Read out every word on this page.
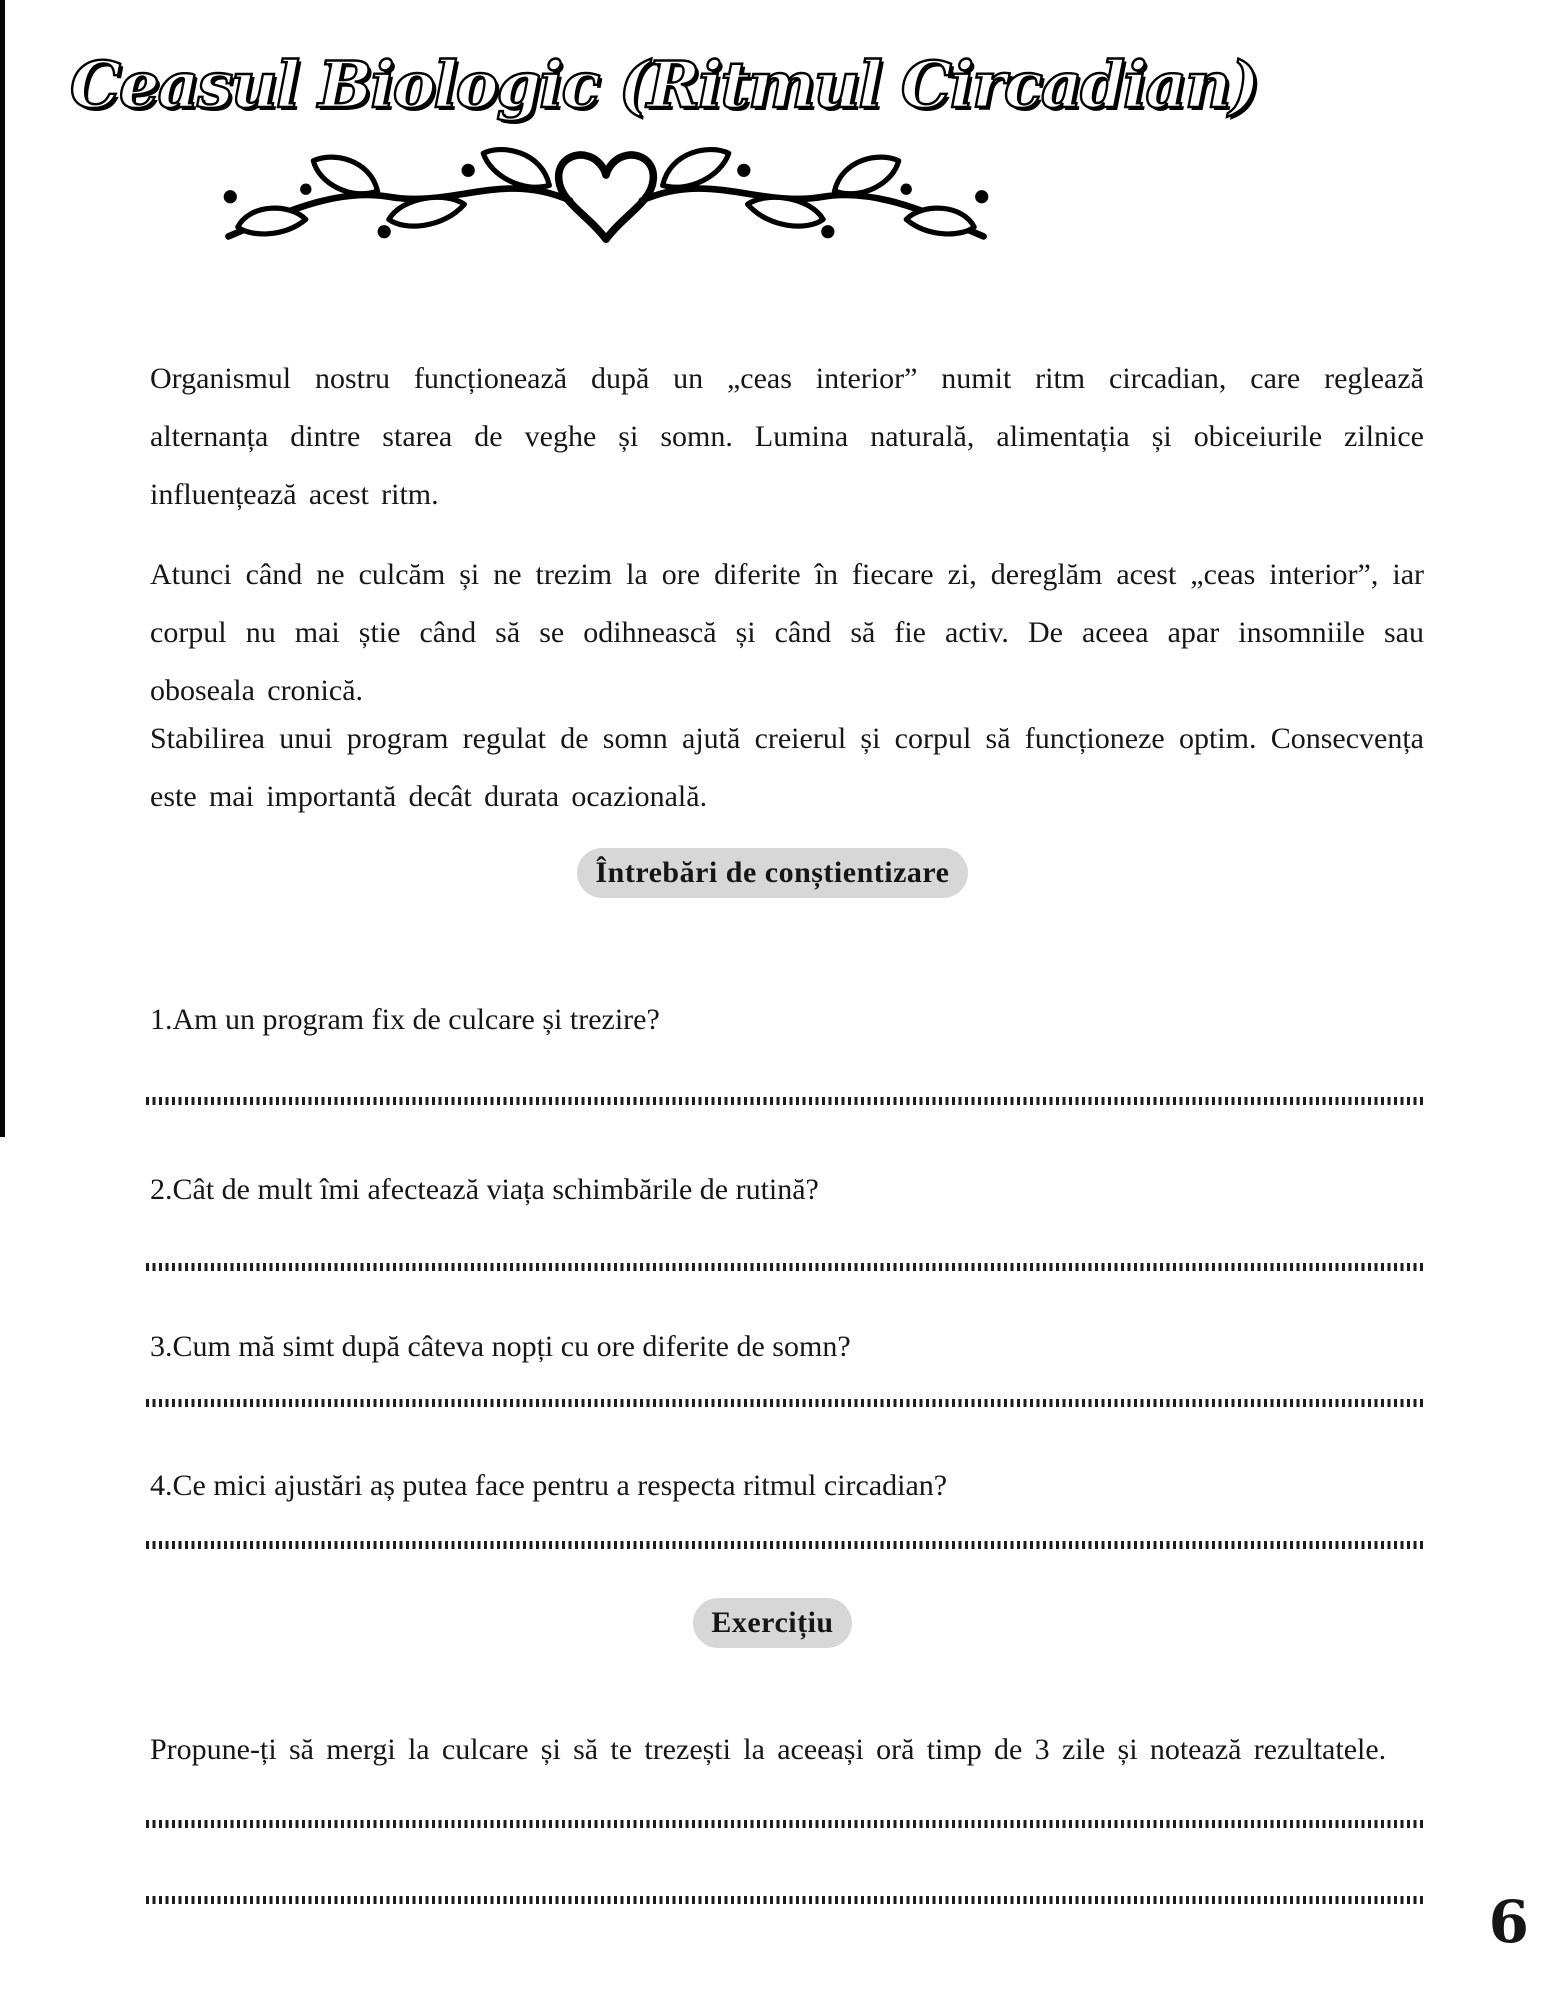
Ceasul Biologic (Ritmul Circadian)

Organismul nostru funcționează după un „ceas interior” numit ritm circadian, care reglează alternanța dintre starea de veghe și somn. Lumina naturală, alimentația și obiceiurile zilnice influențează acest ritm.

Atunci când ne culcăm și ne trezim la ore diferite în fiecare zi, dereglăm acest „ceas interior”, iar corpul nu mai știe când să se odihnească și când să fie activ. De aceea apar insomniile sau oboseala cronică.

Stabilirea unui program regulat de somn ajută creierul și corpul să funcționeze optim. Consecvența este mai importantă decât durata ocazională.

Întrebări de conștientizare
1.Am un program fix de culcare și trezire?
2.Cât de mult îmi afectează viața schimbările de rutină?
3.Cum mă simt după câteva nopți cu ore diferite de somn?
4.Ce mici ajustări aș putea face pentru a respecta ritmul circadian?
Exercițiu

Propune-ți să mergi la culcare și să te trezești la aceeași oră timp de 3 zile și notează rezultatele.

6
